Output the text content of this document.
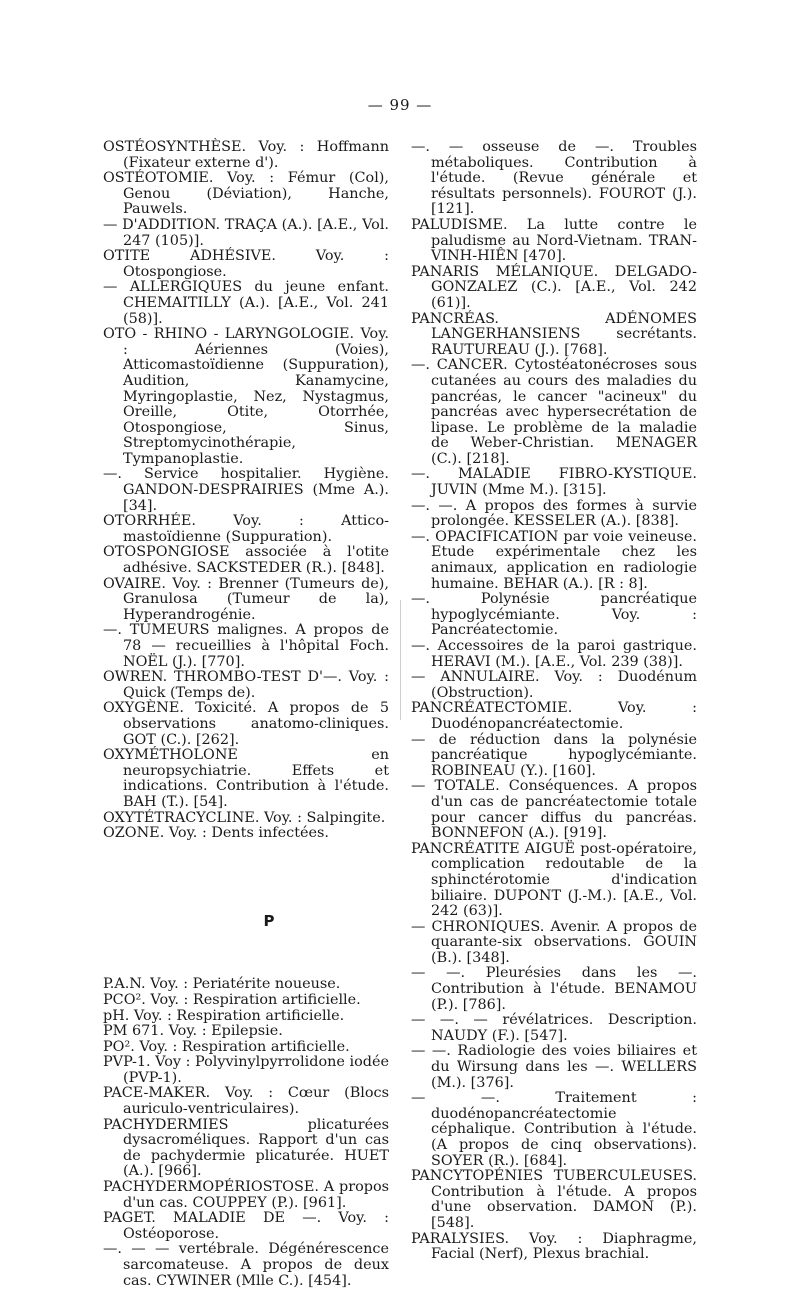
— 99 —

OSTÉOSYNTHÈSE. Voy. : Hoffmann (Fixateur externe d').

OSTÉOTOMIE. Voy. : Fémur (Col), Genou (Déviation), Hanche, Pauwels.

— D'ADDITION. TRAÇA (A.). [A.E., Vol. 247 (105)].

OTITE ADHÉSIVE. Voy. : Otospongiose.

— ALLERGIQUES du jeune enfant. CHEMAITILLY (A.). [A.E., Vol. 241 (58)].

OTO - RHINO - LARYNGOLOGIE. Voy. : Aériennes (Voies), Atticomastoïdienne (Suppuration), Audition, Kanamycine, Myringoplastie, Nez, Nystagmus, Oreille, Otite, Otorrhée, Otospongiose, Sinus, Streptomycinothérapie, Tympanoplastie.

—. Service hospitalier. Hygiène. GANDON-DESPRAIRIES (Mme A.). [34].

OTORRHÉE. Voy. : Attico-mastoïdienne (Suppuration).

OTOSPONGIOSE associée à l'otite adhésive. SACKSTEDER (R.). [848].

OVAIRE. Voy. : Brenner (Tumeurs de), Granulosa (Tumeur de la), Hyperandrogénie.

—. TUMEURS malignes. A propos de 78 — recueillies à l'hôpital Foch. NOËL (J.). [770].

OWREN. THROMBO-TEST D'—. Voy. : Quick (Temps de).

OXYGÈNE. Toxicité. A propos de 5 observations anatomo-cliniques. GOT (C.). [262].

OXYMÉTHOLONE en neuropsychiatrie. Effets et indications. Contribution à l'étude. BAH (T.). [54].

OXYTÉTRACYCLINE. Voy. : Salpingite.

OZONE. Voy. : Dents infectées.

P

P.A.N. Voy. : Periatérite noueuse.

PCO². Voy. : Respiration artificielle.

pH. Voy. : Respiration artificielle.

PM 671. Voy. : Epilepsie.

PO². Voy. : Respiration artificielle.

PVP-1. Voy : Polyvinylpyrrolidone iodée (PVP-1).

PACE-MAKER. Voy. : Cœur (Blocs auriculo-ventriculaires).

PACHYDERMIES plicaturées dysacroméliques. Rapport d'un cas de pachydermie plicaturée. HUET (A.). [966].

PACHYDERMOPÉRIOSTOSE. A propos d'un cas. COUPPEY (P.). [961].

PAGET. MALADIE DE —. Voy. : Ostéoporose.

—. — — vertébrale. Dégénérescence sarcomateuse. A propos de deux cas. CYWINER (Mlle C.). [454].

—. — osseuse de —. Troubles métaboliques. Contribution à l'étude. (Revue générale et résultats personnels). FOUROT (J.). [121].

PALUDISME. La lutte contre le paludisme au Nord-Vietnam. TRAN-VINH-HIÊN [470].

PANARIS MÉLANIQUE. DELGADO-GONZALEZ (C.). [A.E., Vol. 242 (61)].

PANCRÉAS. ADÉNOMES LANGERHANSIENS secrétants. RAUTUREAU (J.). [768].

—. CANCER. Cytostéatonécroses sous cutanées au cours des maladies du pancréas, le cancer "acineux" du pancréas avec hypersecrétation de lipase. Le problème de la maladie de Weber-Christian. MENAGER (C.). [218].

—. MALADIE FIBRO-KYSTIQUE. JUVIN (Mme M.). [315].

—. —. A propos des formes à survie prolongée. KESSELER (A.). [838].

—. OPACIFICATION par voie veineuse. Etude expérimentale chez les animaux, application en radiologie humaine. BEHAR (A.). [R : 8].

—. Polynésie pancréatique hypoglycémiante. Voy. : Pancréatectomie.

—. Accessoires de la paroi gastrique. HERAVI (M.). [A.E., Vol. 239 (38)].

— ANNULAIRE. Voy. : Duodénum (Obstruction).

PANCRÉATECTOMIE. Voy. : Duodénopancréatectomie.

— de réduction dans la polynésie pancréatique hypoglycémiante. ROBINEAU (Y.). [160].

— TOTALE. Conséquences. A propos d'un cas de pancréatectomie totale pour cancer diffus du pancréas. BONNEFON (A.). [919].

PANCRÉATITE AIGUË post-opératoire, complication redoutable de la sphinctérotomie d'indication biliaire. DUPONT (J.-M.). [A.E., Vol. 242 (63)].

— CHRONIQUES. Avenir. A propos de quarante-six observations. GOUIN (B.). [348].

— —. Pleurésies dans les —. Contribution à l'étude. BENAMOU (P.). [786].

— —. — révélatrices. Description. NAUDY (F.). [547].

— —. Radiologie des voies biliaires et du Wirsung dans les —. WELLERS (M.). [376].

— —. Traitement : duodénopancréatectomie céphalique. Contribution à l'étude. (A propos de cinq observations). SOYER (R.). [684].

PANCYTOPÉNIES TUBERCULEUSES. Contribution à l'étude. A propos d'une observation. DAMON (P.). [548].

PARALYSIES. Voy. : Diaphragme, Facial (Nerf), Plexus brachial.
